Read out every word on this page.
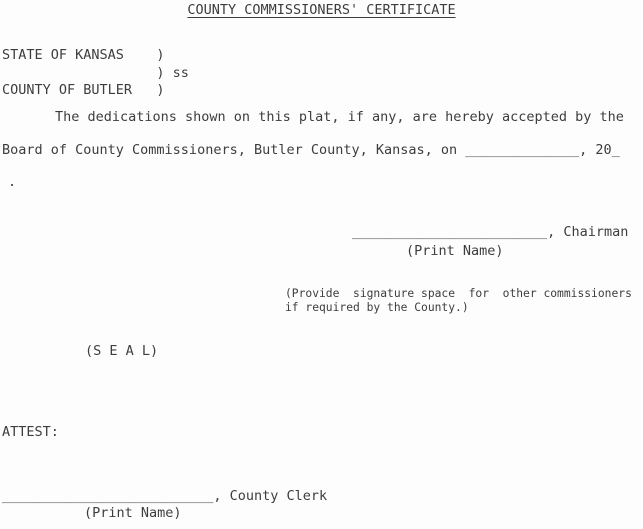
COUNTY COMMISSIONERS' CERTIFICATE
STATE OF KANSAS    )
) ss
COUNTY OF BUTLER   )
The dedications shown on this plat, if any, are hereby accepted by the
Board of County Commissioners, Butler County, Kansas, on ______________, 20_
.
________________________, Chairman
(Print Name)
(Provide  signature space  for  other commissioners
if required by the County.)
(S E A L)
ATTEST:
__________________________, County Clerk
(Print Name)
